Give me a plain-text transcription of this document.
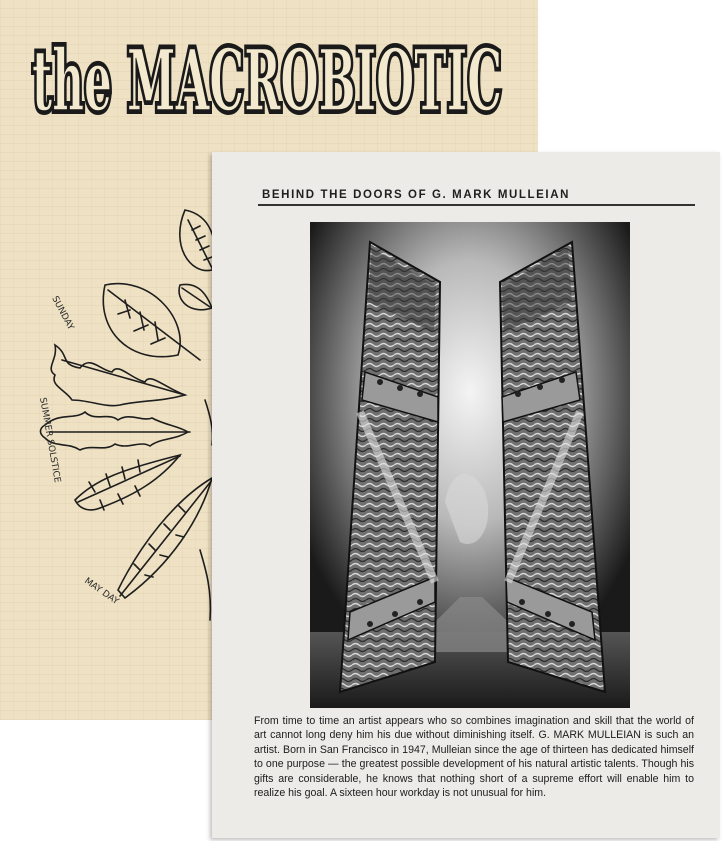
the MACROBIOTIC
the MACROBIOTIC
SUMMER SOLSTICE
MAY DAY
SUNDAY
BEHIND THE DOORS OF G. MARK MULLEIAN

From time to time an artist appears who so combines imagination and skill that the world of art cannot long deny him his due without diminishing itself. G. MARK MULLEIAN is such an artist. Born in San Francisco in 1947, Mulleian since the age of thirteen has dedicated himself to one purpose — the greatest possible development of his natural artistic talents. Though his gifts are considerable, he knows that nothing short of a supreme effort will enable him to realize his goal. A sixteen hour workday is not unusual for him.
